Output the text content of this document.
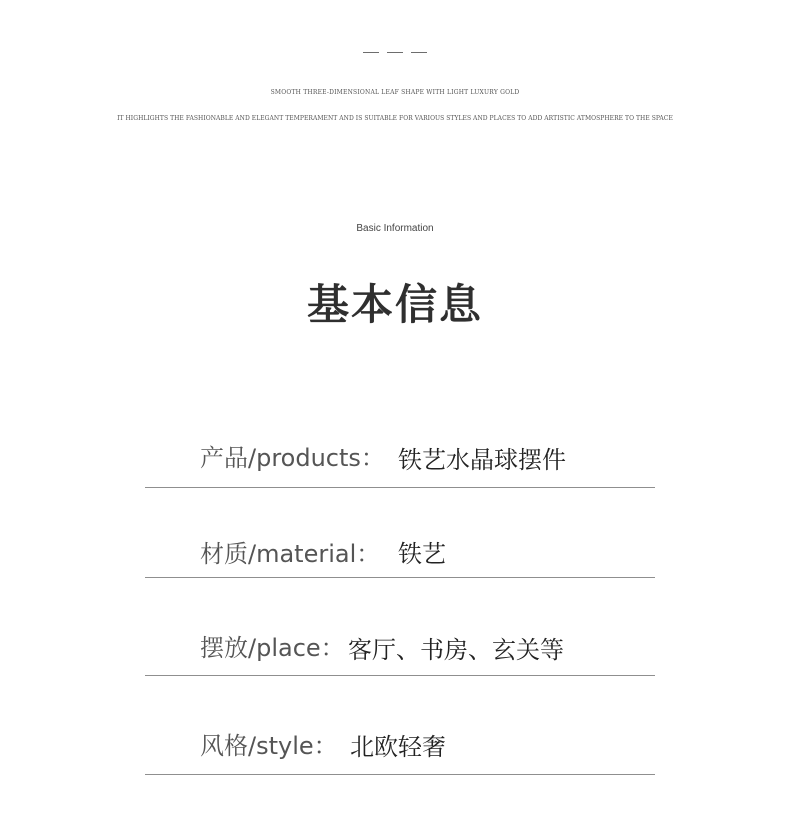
SMOOTH THREE-DIMENSIONAL LEAF SHAPE WITH LIGHT LUXURY GOLD
IT HIGHLIGHTS THE FASHIONABLE AND ELEGANT TEMPERAMENT AND IS SUITABLE FOR VARIOUS STYLES AND PLACES TO ADD ARTISTIC ATMOSPHERE TO THE SPACE
Basic Information
基本信息
产品/products： 铁艺水晶球摆件
材质/material： 铁艺
摆放/place： 客厅、书房、玄关等
风格/style： 北欧轻奢
